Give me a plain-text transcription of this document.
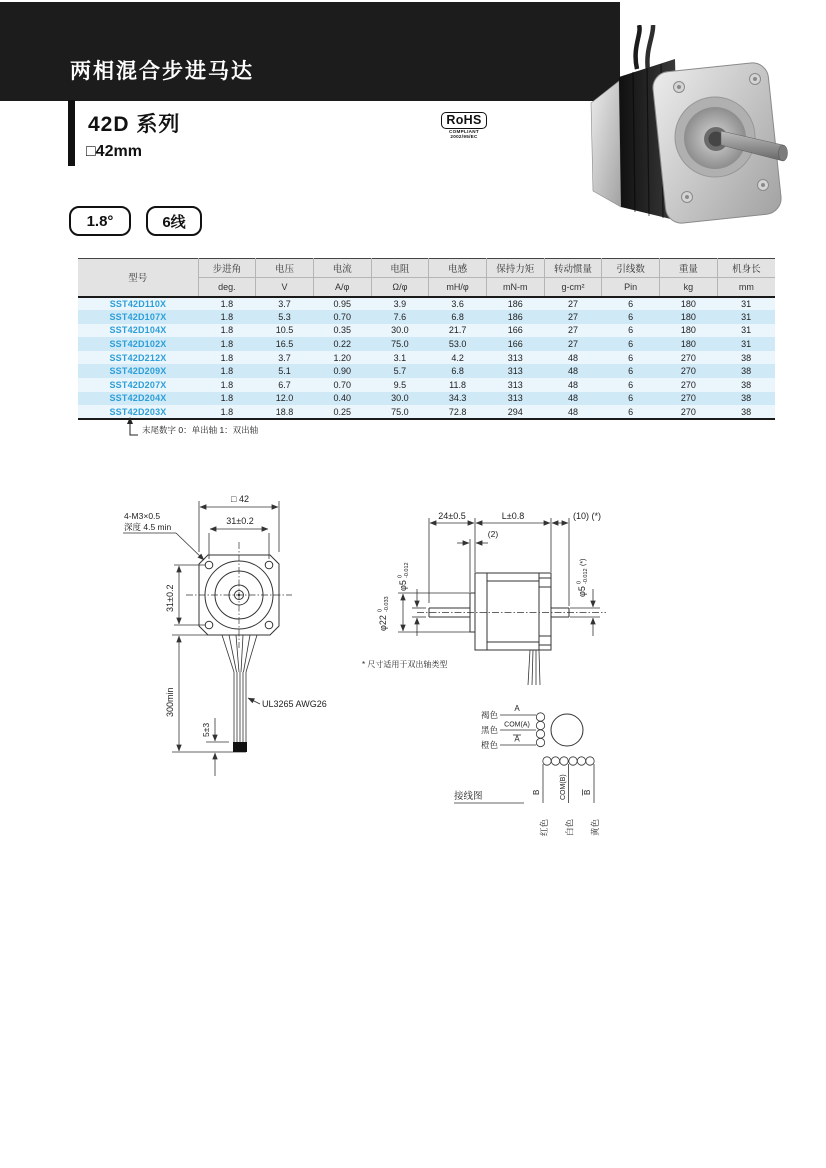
两相混合步进马达
42D 系列
□42mm
RoHS
COMPLIANT
2002/95/EC
1.8°	6线
型号	步进角	电压	电流	电阻	电感	保持力矩	转动惯量	引线数	重量	机身长
	deg.	V	A/φ	Ω/φ	mH/φ	mN-m	g-cm²	Pin	kg	mm
SST42D110X	1.8	3.7	0.95	3.9	3.6	186	27	6	180	31
SST42D107X	1.8	5.3	0.70	7.6	6.8	186	27	6	180	31
SST42D104X	1.8	10.5	0.35	30.0	21.7	166	27	6	180	31
SST42D102X	1.8	16.5	0.22	75.0	53.0	166	27	6	180	31
SST42D212X	1.8	3.7	1.20	3.1	4.2	313	48	6	270	38
SST42D209X	1.8	5.1	0.90	5.7	6.8	313	48	6	270	38
SST42D207X	1.8	6.7	0.70	9.5	11.8	313	48	6	270	38
SST42D204X	1.8	12.0	0.40	30.0	34.3	313	48	6	270	38
SST42D203X	1.8	18.8	0.25	75.0	72.8	294	48	6	270	38
末尾数字 0：单出轴 1：双出轴
□ 42
31±0.2
4-M3×0.5
深度 4.5 min
31±0.2
300min
5±3
UL3265 AWG26
24±0.5	L±0.8	(10) (*)
(2)
φ5
0 -0.012
φ22
0 -0.033
φ5
0 -0.012
(*)
* 尺寸适用于双出轴类型
褐色
黑色
橙色
A
COM(A)
A
B	COM(B) B
红色 白色 黄色
接线图
